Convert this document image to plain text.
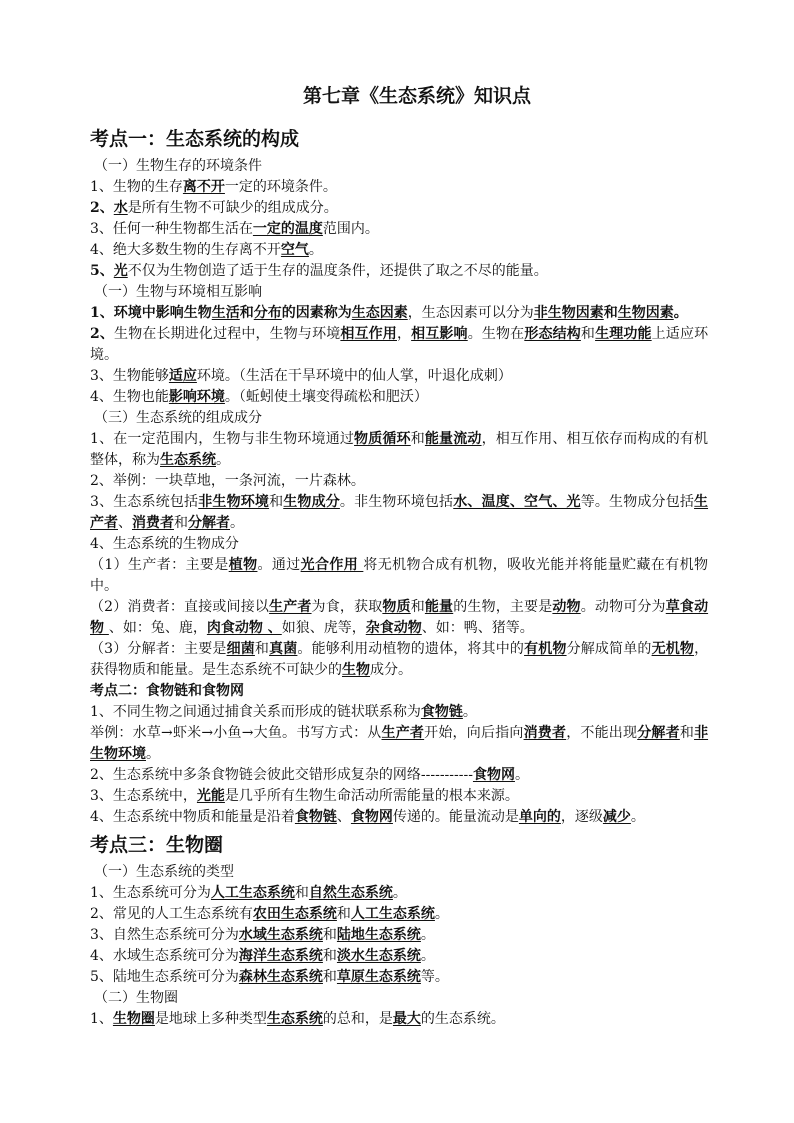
第七章《生态系统》知识点
考点一：生态系统的构成

（一）生物生存的环境条件

1、生物的生存离不开一定的环境条件。

2、水是所有生物不可缺少的组成成分。

3、任何一种生物都生活在一定的温度范围内。

4、绝大多数生物的生存离不开空气。

5、光不仅为生物创造了适于生存的温度条件，还提供了取之不尽的能量。

（一）生物与环境相互影响

1、环境中影响生物生活和分布的因素称为生态因素，生态因素可以分为非生物因素和生物因素。

2、生物在长期进化过程中，生物与环境相互作用，相互影响。生物在形态结构和生理功能上适应环境。

3、生物能够适应环境。（生活在干旱环境中的仙人掌，叶退化成刺）

4、生物也能影响环境。（蚯蚓使土壤变得疏松和肥沃）

（三）生态系统的组成成分

1、在一定范围内，生物与非生物环境通过物质循环和能量流动，相互作用、相互依存而构成的有机整体，称为生态系统。

2、举例：一块草地，一条河流，一片森林。

3、生态系统包括非生物环境和生物成分。非生物环境包括水、温度、空气、光等。生物成分包括生产者、消费者和分解者。

4、生态系统的生物成分

（1）生产者：主要是植物。通过光合作用 将无机物合成有机物，吸收光能并将能量贮藏在有机物中。

（2）消费者：直接或间接以生产者为食，获取物质和能量的生物，主要是动物。动物可分为草食动物 、如：兔、鹿，肉食动物 、如狼、虎等，杂食动物、如：鸭、猪等。

（3）分解者：主要是细菌和真菌。能够利用动植物的遗体，将其中的有机物分解成简单的无机物，获得物质和能量。是生态系统不可缺少的生物成分。

考点二：食物链和食物网

1、不同生物之间通过捕食关系而形成的链状联系称为食物链。

举例：水草→虾米→小鱼→大鱼。书写方式：从生产者开始，向后指向消费者，不能出现分解者和非生物环境。

2、生态系统中多条食物链会彼此交错形成复杂的网络-----------食物网。

3、生态系统中，光能是几乎所有生物生命活动所需能量的根本来源。

4、生态系统中物质和能量是沿着食物链、食物网传递的。能量流动是单向的，逐级减少。

考点三：生物圈

（一）生态系统的类型

1、生态系统可分为人工生态系统和自然生态系统。

2、常见的人工生态系统有农田生态系统和人工生态系统。

3、自然生态系统可分为水域生态系统和陆地生态系统。

4、水域生态系统可分为海洋生态系统和淡水生态系统。

5、陆地生态系统可分为森林生态系统和草原生态系统等。

（二）生物圈

1、生物圈是地球上多种类型生态系统的总和，是最大的生态系统。
